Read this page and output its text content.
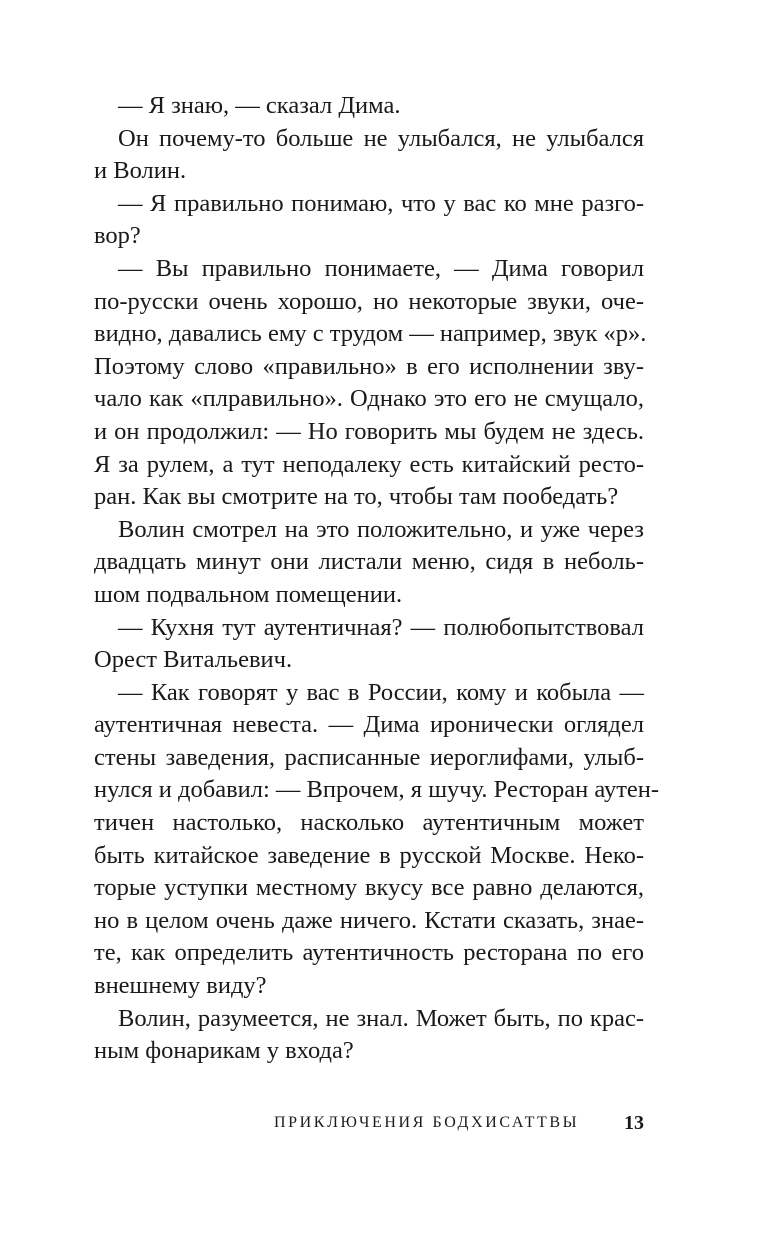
— Я знаю, — сказал Дима.
Он почему-то больше не улыбался, не улыбался
и Волин.
— Я правильно понимаю, что у вас ко мне разго-
вор?
— Вы правильно понимаете, — Дима говорил
по-русски очень хорошо, но некоторые звуки, оче-
видно, давались ему с трудом — например, звук «р».
Поэтому слово «правильно» в его исполнении зву-
чало как «плравильно». Однако это его не смущало,
и он продолжил: — Но говорить мы будем не здесь.
Я за рулем, а тут неподалеку есть китайский ресто-
ран. Как вы смотрите на то, чтобы там пообедать?
Волин смотрел на это положительно, и уже через
двадцать минут они листали меню, сидя в неболь-
шом подвальном помещении.
— Кухня тут аутентичная? — полюбопытствовал
Орест Витальевич.
— Как говорят у вас в России, кому и кобыла —
аутентичная невеста. — Дима иронически оглядел
стены заведения, расписанные иероглифами, улыб-
нулся и добавил: — Впрочем, я шучу. Ресторан аутен-
тичен настолько, насколько аутентичным может
быть китайское заведение в русской Москве. Неко-
торые уступки местному вкусу все равно делаются,
но в целом очень даже ничего. Кстати сказать, знае-
те, как определить аутентичность ресторана по его
внешнему виду?
Волин, разумеется, не знал. Может быть, по крас-
ным фонарикам у входа?
ПРИКЛЮЧЕНИЯ БОДХИСАТТВЫ 13
